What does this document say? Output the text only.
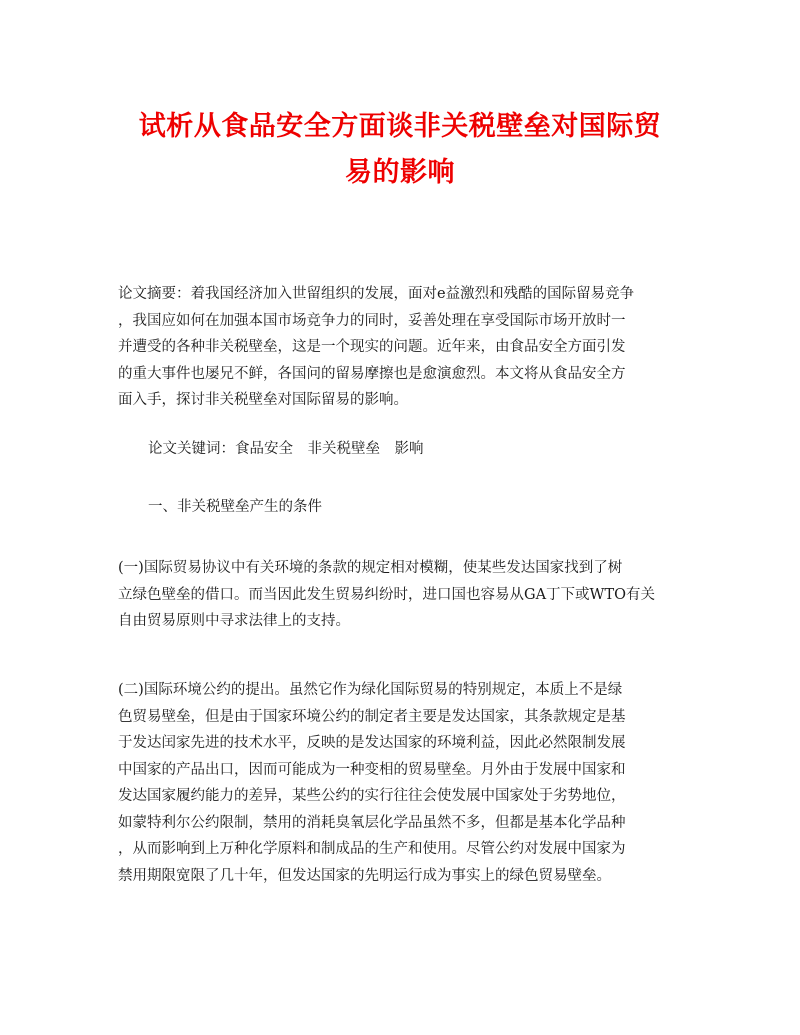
试析从食品安全方面谈非关税壁垒对国际贸
易的影响
论文摘要：着我国经济加入世留组织的发展，面对e益激烈和残酷的国际留易竞争
，我国应如何在加强本国市场竞争力的同时，妥善处理在享受国际市场开放时一
并遭受的各种非关税壁垒，这是一个现实的问题。近年来，由食品安全方面引发
的重大事件也屡兄不鲜，各国问的留易摩擦也是愈演愈烈。本文将从食品安全方
面入手，探讨非关税壁垒对国际留易的影响。
论文关键词：食品安全　非关税壁垒　影响
一、非关税壁垒产生的条件
(一)国际贸易协议中有关环境的条款的规定相对模糊，使某些发达国家找到了树
立绿色壁垒的借口。而当因此发生贸易纠纷时，进口国也容易从GA丁下或WTO有关
自由贸易原则中寻求法律上的支持。
(二)国际环境公约的提出。虽然它作为绿化国际贸易的特别规定，本质上不是绿
色贸易壁垒，但是由于国家环境公约的制定者主要是发达国家，其条款规定是基
于发达闰家先进的技术水平，反映的是发达国家的环境利益，因此必然限制发展
中国家的产品出口，因而可能成为一种变相的贸易壁垒。月外由于发展中国家和
发达国家履约能力的差异，某些公约的实行往往会使发展中国家处于劣势地位，
如蒙特利尔公约限制，禁用的消耗臭氧层化学品虽然不多，但都是基本化学品种
，从而影响到上万种化学原料和制成品的生产和使用。尽管公约对发展中国家为
禁用期限宽限了几十年，但发达国家的先明运行成为事实上的绿色贸易壁垒。
